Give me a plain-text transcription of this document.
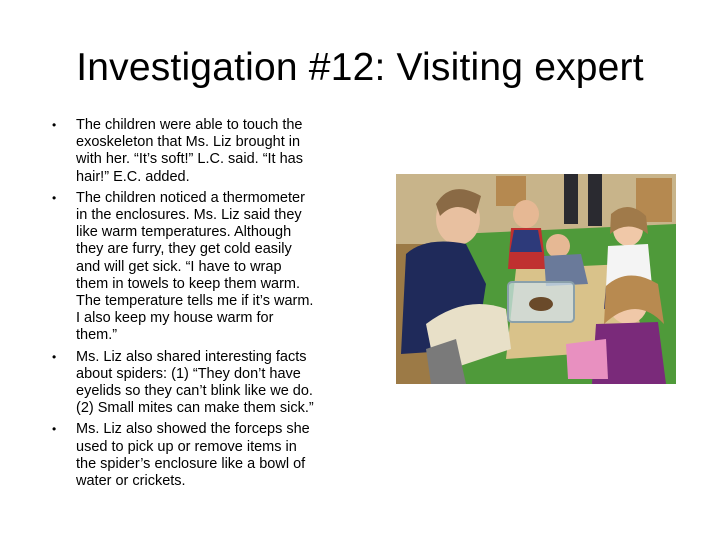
Investigation #12: Visiting expert
• The children were able to touch the
exoskeleton that Ms. Liz brought in
with her. “It’s soft!” L.C. said. “It has
hair!” E.C. added.
• The children noticed a thermometer
in the enclosures. Ms. Liz said they
like warm temperatures. Although
they are furry, they get cold easily
and will get sick. “I have to wrap
them in towels to keep them warm.
The temperature tells me if it’s warm.
I also keep my house warm for
them.”
• Ms. Liz also shared interesting facts
about spiders: (1) “They don’t have
eyelids so they can’t blink like we do.
(2) Small mites can make them sick.”
• Ms. Liz also showed the forceps she
used to pick up or remove items in
the spider’s enclosure like a bowl of
water or crickets.
